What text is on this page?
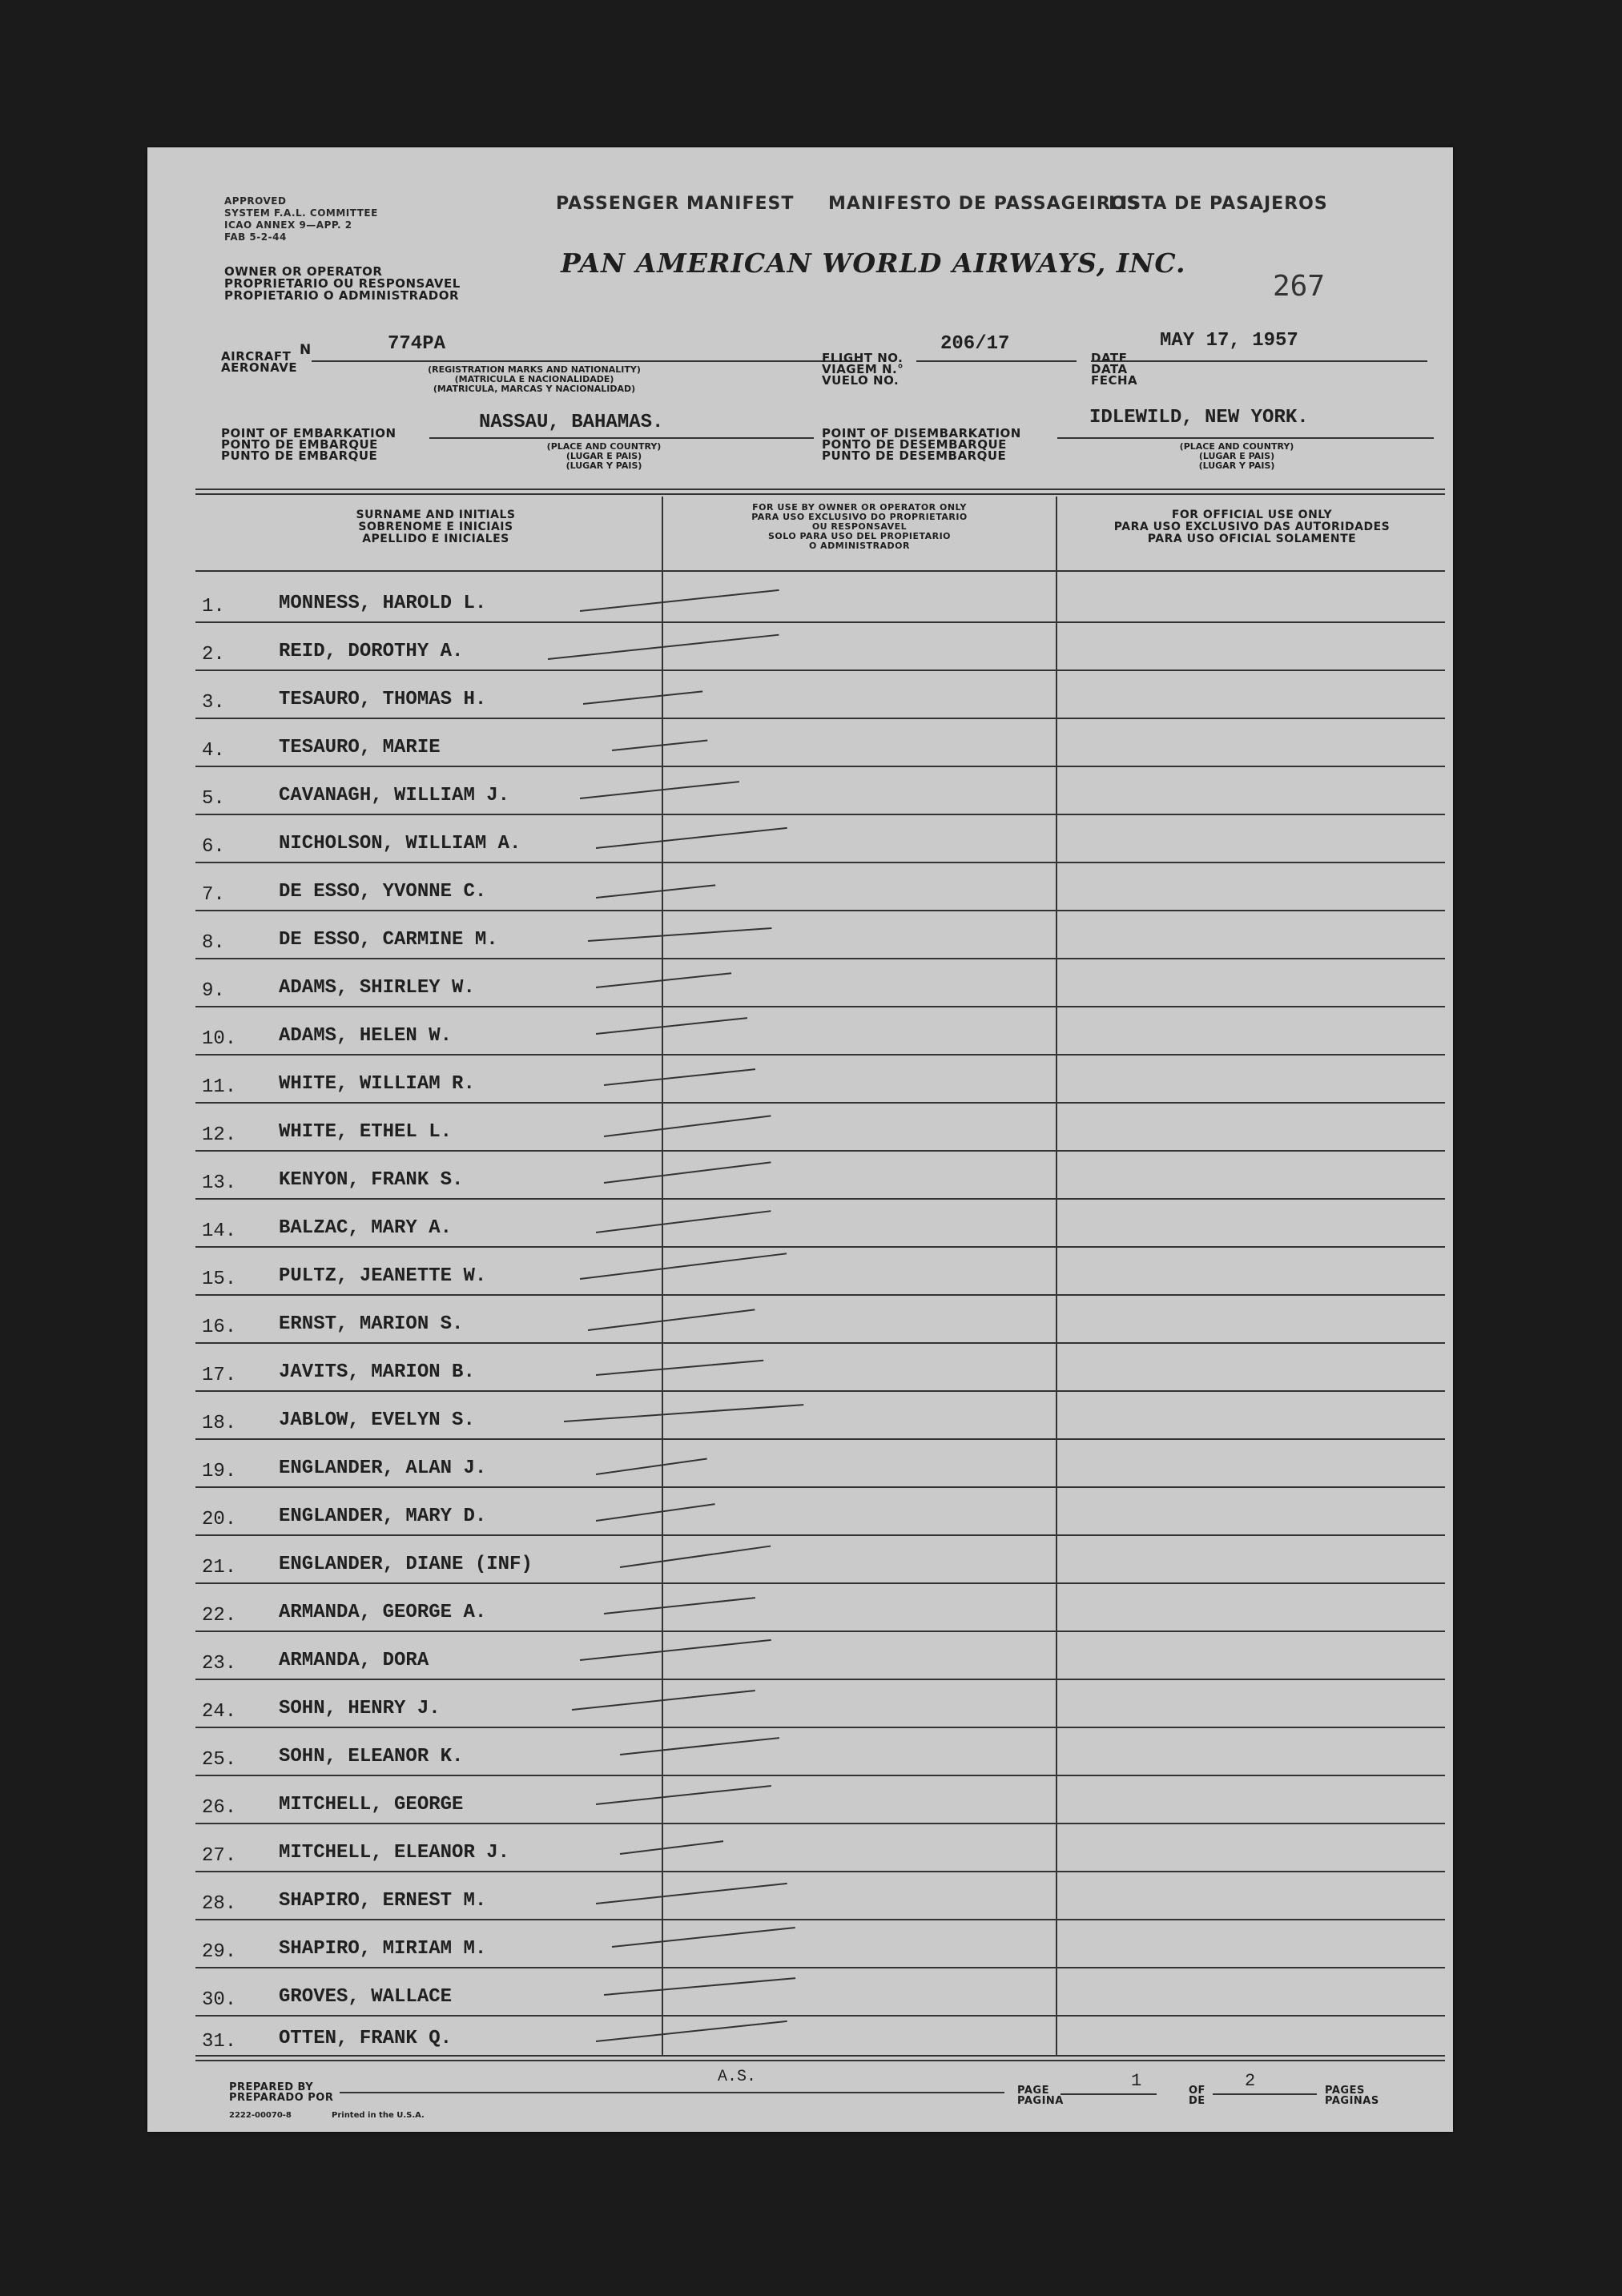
APPROVED
SYSTEM F.A.L. COMMITTEE
ICAO ANNEX 9—APP. 2
FAB 5-2-44
PASSENGER MANIFEST MANIFESTO DE PASSAGEIROS
LISTA DE PASAJEROS
OWNER OR OPERATOR
PROPRIETARIO OU RESPONSAVEL
PROPIETARIO O ADMINISTRADOR
PAN AMERICAN WORLD AIRWAYS, INC.
267
AIRCRAFT
AERONAVE
N	774PA
(REGISTRATION MARKS AND NATIONALITY)
(MATRICULA E NACIONALIDADE)
(MATRICULA, MARCAS Y NACIONALIDAD)
FLIGHT NO.
VIAGEM N.°
VUELO NO.
206/17
DATE
DATA
FECHA
MAY 17, 1957
POINT OF EMBARKATION
PONTO DE EMBARQUE
PUNTO DE EMBARQUE
NASSAU, BAHAMAS.
(PLACE AND COUNTRY)
(LUGAR E PAIS)
(LUGAR Y PAIS)
POINT OF DISEMBARKATION
PONTO DE DESEMBARQUE
PUNTO DE DESEMBARQUE
IDLEWILD, NEW YORK.
(PLACE AND COUNTRY)
(LUGAR E PAIS)
(LUGAR Y PAIS)
SURNAME AND INITIALS
SOBRENOME E INICIAIS
APELLIDO E INICIALES
FOR USE BY OWNER OR OPERATOR ONLY
PARA USO EXCLUSIVO DO PROPRIETARIO
OU RESPONSAVEL
SOLO PARA USO DEL PROPIETARIO
O ADMINISTRADOR
FOR OFFICIAL USE ONLY
PARA USO EXCLUSIVO DAS AUTORIDADES
PARA USO OFICIAL SOLAMENTE
1.	MONNESS, HAROLD L.
2.	REID, DOROTHY A.
3.	TESAURO, THOMAS H.
4.	TESAURO, MARIE
5.	CAVANAGH, WILLIAM J.
6.	NICHOLSON, WILLIAM A.
7.	DE ESSO, YVONNE C.
8.	DE ESSO, CARMINE M.
9.	ADAMS, SHIRLEY W.
10. ADAMS, HELEN W.
11. WHITE, WILLIAM R.
12. WHITE, ETHEL L.
13. KENYON, FRANK S.
14. BALZAC, MARY A.
15. PULTZ, JEANETTE W.
16. ERNST, MARION S.
17. JAVITS, MARION B.
18. JABLOW, EVELYN S.
19. ENGLANDER, ALAN J.
20. ENGLANDER, MARY D.
21. ENGLANDER, DIANE (INF)
22. ARMANDA, GEORGE A.
23. ARMANDA, DORA
24. SOHN, HENRY J.
25. SOHN, ELEANOR K.
26. MITCHELL, GEORGE
27. MITCHELL, ELEANOR J.
28. SHAPIRO, ERNEST M.
29. SHAPIRO, MIRIAM M.
30. GROVES, WALLACE
31. OTTEN, FRANK Q.
PREPARED BY
PREPARADO POR
A.S.
PAGE
PAGINA
1	OF
DE
2	PAGES
PAGINAS
2222-00070-8	Printed in the U.S.A.
